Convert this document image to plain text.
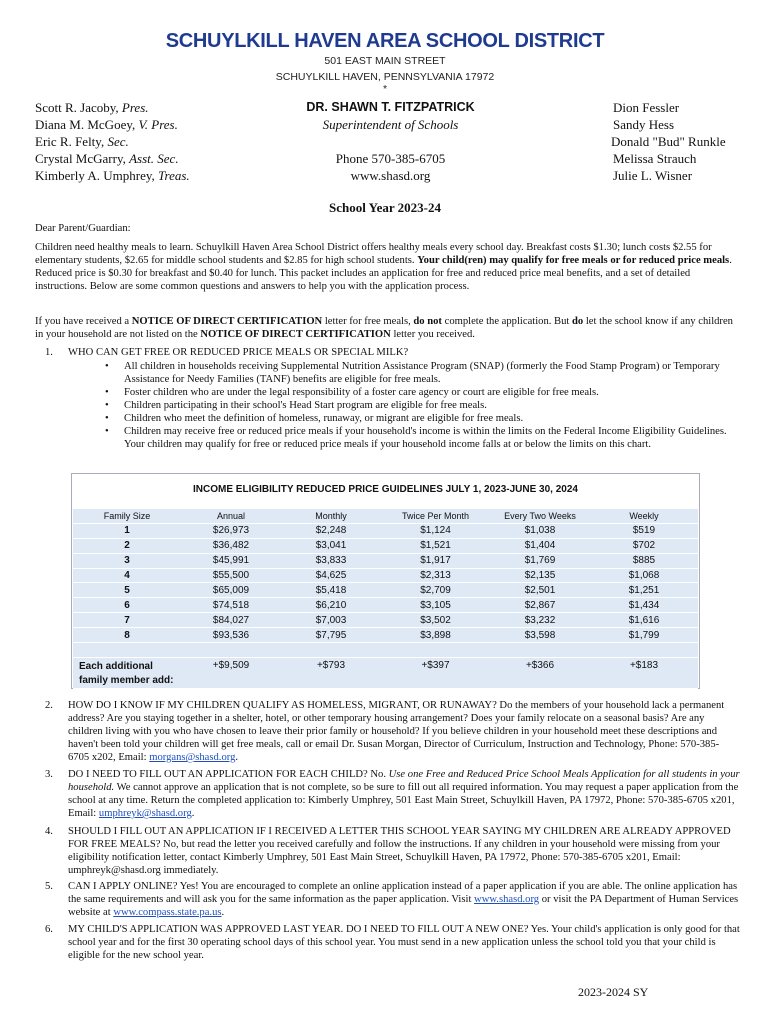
SCHUYLKILL HAVEN AREA SCHOOL DISTRICT
501 EAST MAIN STREET
SCHUYLKILL HAVEN, PENNSYLVANIA 17972
*
Scott R. Jacoby, Pres.
Diana M. McGoey, V. Pres.
Eric R. Felty, Sec.
Crystal McGarry, Asst. Sec.
Kimberly A. Umphrey, Treas.
DR. SHAWN T. FITZPATRICK
Superintendent of Schools
Phone 570-385-6705
www.shasd.org
Dion Fessler
Sandy Hess
Donald "Bud" Runkle
Melissa Strauch
Julie L. Wisner
School Year 2023-24
Dear Parent/Guardian:
Children need healthy meals to learn. Schuylkill Haven Area School District offers healthy meals every school day. Breakfast costs $1.30; lunch costs $2.55 for elementary students, $2.65 for middle school students and $2.85 for high school students. Your child(ren) may qualify for free meals or for reduced price meals. Reduced price is $0.30 for breakfast and $0.40 for lunch. This packet includes an application for free and reduced price meal benefits, and a set of detailed instructions. Below are some common questions and answers to help you with the application process.
If you have received a NOTICE OF DIRECT CERTIFICATION letter for free meals, do not complete the application. But do let the school know if any children in your household are not listed on the NOTICE OF DIRECT CERTIFICATION letter you received.
1. WHO CAN GET FREE OR REDUCED PRICE MEALS OR SPECIAL MILK?
• All children in households receiving Supplemental Nutrition Assistance Program (SNAP) (formerly the Food Stamp Program) or Temporary Assistance for Needy Families (TANF) benefits are eligible for free meals.
• Foster children who are under the legal responsibility of a foster care agency or court are eligible for free meals.
• Children participating in their school's Head Start program are eligible for free meals.
• Children who meet the definition of homeless, runaway, or migrant are eligible for free meals.
• Children may receive free or reduced price meals if your household's income is within the limits on the Federal Income Eligibility Guidelines. Your children may qualify for free or reduced price meals if your household income falls at or below the limits on this chart.
INCOME ELIGIBILITY REDUCED PRICE GUIDELINES JULY 1, 2023-JUNE 30, 2024
Family Size	Annual	Monthly	Twice Per Month	Every Two Weeks	Weekly
1	$26,973	$2,248	$1,124	$1,038	$519
2	$36,482	$3,041	$1,521	$1,404	$702
3	$45,991	$3,833	$1,917	$1,769	$885
4	$55,500	$4,625	$2,313	$2,135	$1,068
5	$65,009	$5,418	$2,709	$2,501	$1,251
6	$74,518	$6,210	$3,105	$2,867	$1,434
7	$84,027	$7,003	$3,502	$3,232	$1,616
8	$93,536	$7,795	$3,898	$3,598	$1,799

Each additional family member add:	+$9,509	+$793	+$397	+$366	+$183
2. HOW DO I KNOW IF MY CHILDREN QUALIFY AS HOMELESS, MIGRANT, OR RUNAWAY? Do the members of your household lack a permanent address? Are you staying together in a shelter, hotel, or other temporary housing arrangement? Does your family relocate on a seasonal basis? Are any children living with you who have chosen to leave their prior family or household? If you believe children in your household meet these descriptions and haven't been told your children will get free meals, call or email Dr. Susan Morgan, Director of Curriculum, Instruction and Technology, Phone: 570-385-6705 x202, Email: morgans@shasd.org.
3. DO I NEED TO FILL OUT AN APPLICATION FOR EACH CHILD? No. Use one Free and Reduced Price School Meals Application for all students in your household. We cannot approve an application that is not complete, so be sure to fill out all required information. You may request a paper application from the school at any time. Return the completed application to: Kimberly Umphrey, 501 East Main Street, Schuylkill Haven, PA 17972, Phone: 570-385-6705 x201, Email: umphreyk@shasd.org.
4. SHOULD I FILL OUT AN APPLICATION IF I RECEIVED A LETTER THIS SCHOOL YEAR SAYING MY CHILDREN ARE ALREADY APPROVED FOR FREE MEALS? No, but read the letter you received carefully and follow the instructions. If any children in your household were missing from your eligibility notification letter, contact Kimberly Umphrey, 501 East Main Street, Schuylkill Haven, PA 17972, Phone: 570-385-6705 x201, Email: umphreyk@shasd.org immediately.
5. CAN I APPLY ONLINE? Yes! You are encouraged to complete an online application instead of a paper application if you are able. The online application has the same requirements and will ask you for the same information as the paper application. Visit www.shasd.org or visit the PA Department of Human Services website at www.compass.state.pa.us.
6. MY CHILD'S APPLICATION WAS APPROVED LAST YEAR. DO I NEED TO FILL OUT A NEW ONE? Yes. Your child's application is only good for that school year and for the first 30 operating school days of this school year. You must send in a new application unless the school told you that your child is eligible for the new school year.
2023-2024 SY
